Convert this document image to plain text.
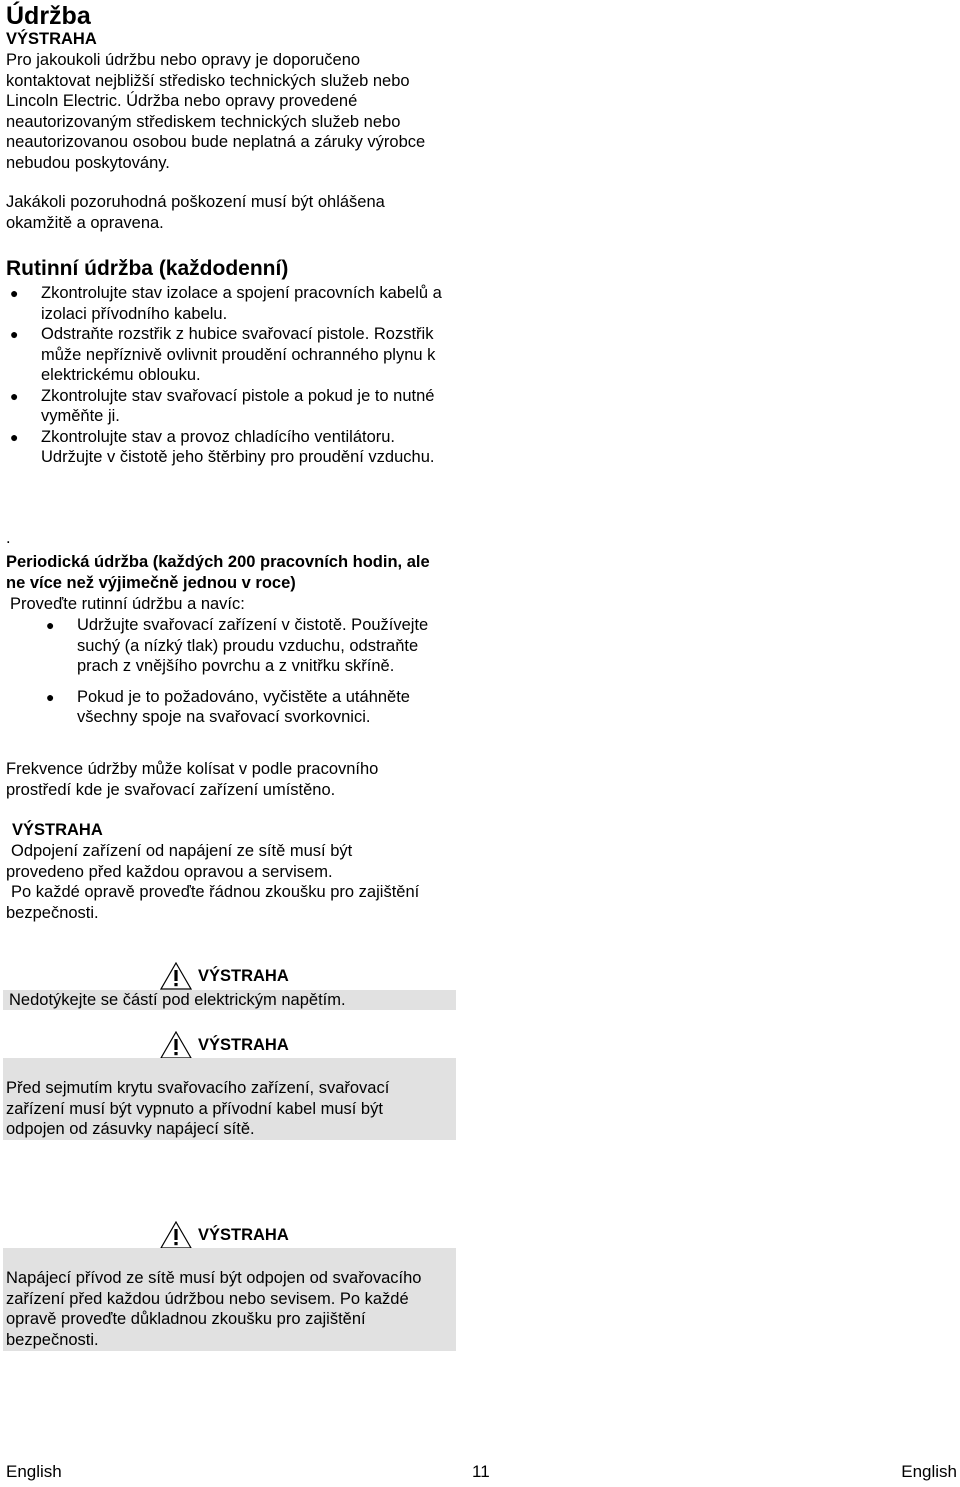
Údržba
VÝSTRAHA
Pro jakoukoli údržbu nebo opravy je doporučeno kontaktovat nejbližší středisko technických služeb nebo Lincoln Electric. Údržba nebo opravy provedené neautorizovaným střediskem technických služeb nebo neautorizovanou osobou bude neplatná a záruky výrobce nebudou poskytovány.
Jakákoli pozoruhodná poškození musí být ohlášena okamžitě a opravena.
Rutinní údržba (každodenní)
● Zkontrolujte stav izolace a spojení pracovních kabelů a izolaci přívodního kabelu.
● Odstraňte rozstřik z hubice svařovací pistole. Rozstřik může nepříznivě ovlivnit proudění ochranného plynu k elektrickému oblouku.
● Zkontrolujte stav svařovací pistole a pokud je to nutné vyměňte ji.
● Zkontrolujte stav a provoz chladícího ventilátoru. Udržujte v čistotě jeho štěrbiny pro proudění vzduchu.
.
Periodická údržba (každých 200 pracovních hodin, ale ne více než výjimečně jednou v roce)
Proveďte rutinní údržbu a navíc:
● Udržujte svařovací zařízení v čistotě. Používejte suchý (a nízký tlak) proudu vzduchu, odstraňte prach z vnějšího povrchu a z vnitřku skříně.
● Pokud je to požadováno, vyčistěte a utáhněte všechny spoje na svařovací svorkovnici.
Frekvence údržby může kolísat v podle pracovního prostředí kde je svařovací zařízení umístěno.
VÝSTRAHA
Odpojení zařízení od napájení ze sítě musí být provedeno před každou opravou a servisem.
Po každé opravě proveďte řádnou zkoušku pro zajištění bezpečnosti.
VÝSTRAHA
Nedotýkejte se částí pod elektrickým napětím.
VÝSTRAHA
Před sejmutím krytu svařovacího zařízení, svařovací zařízení musí být vypnuto a přívodní kabel musí být odpojen od zásuvky napájecí sítě.
VÝSTRAHA
Napájecí přívod ze sítě musí být odpojen od svařovacího zařízení před každou údržbou nebo sevisem. Po každé opravě proveďte důkladnou zkoušku pro zajištění bezpečnosti.
English	11	English
